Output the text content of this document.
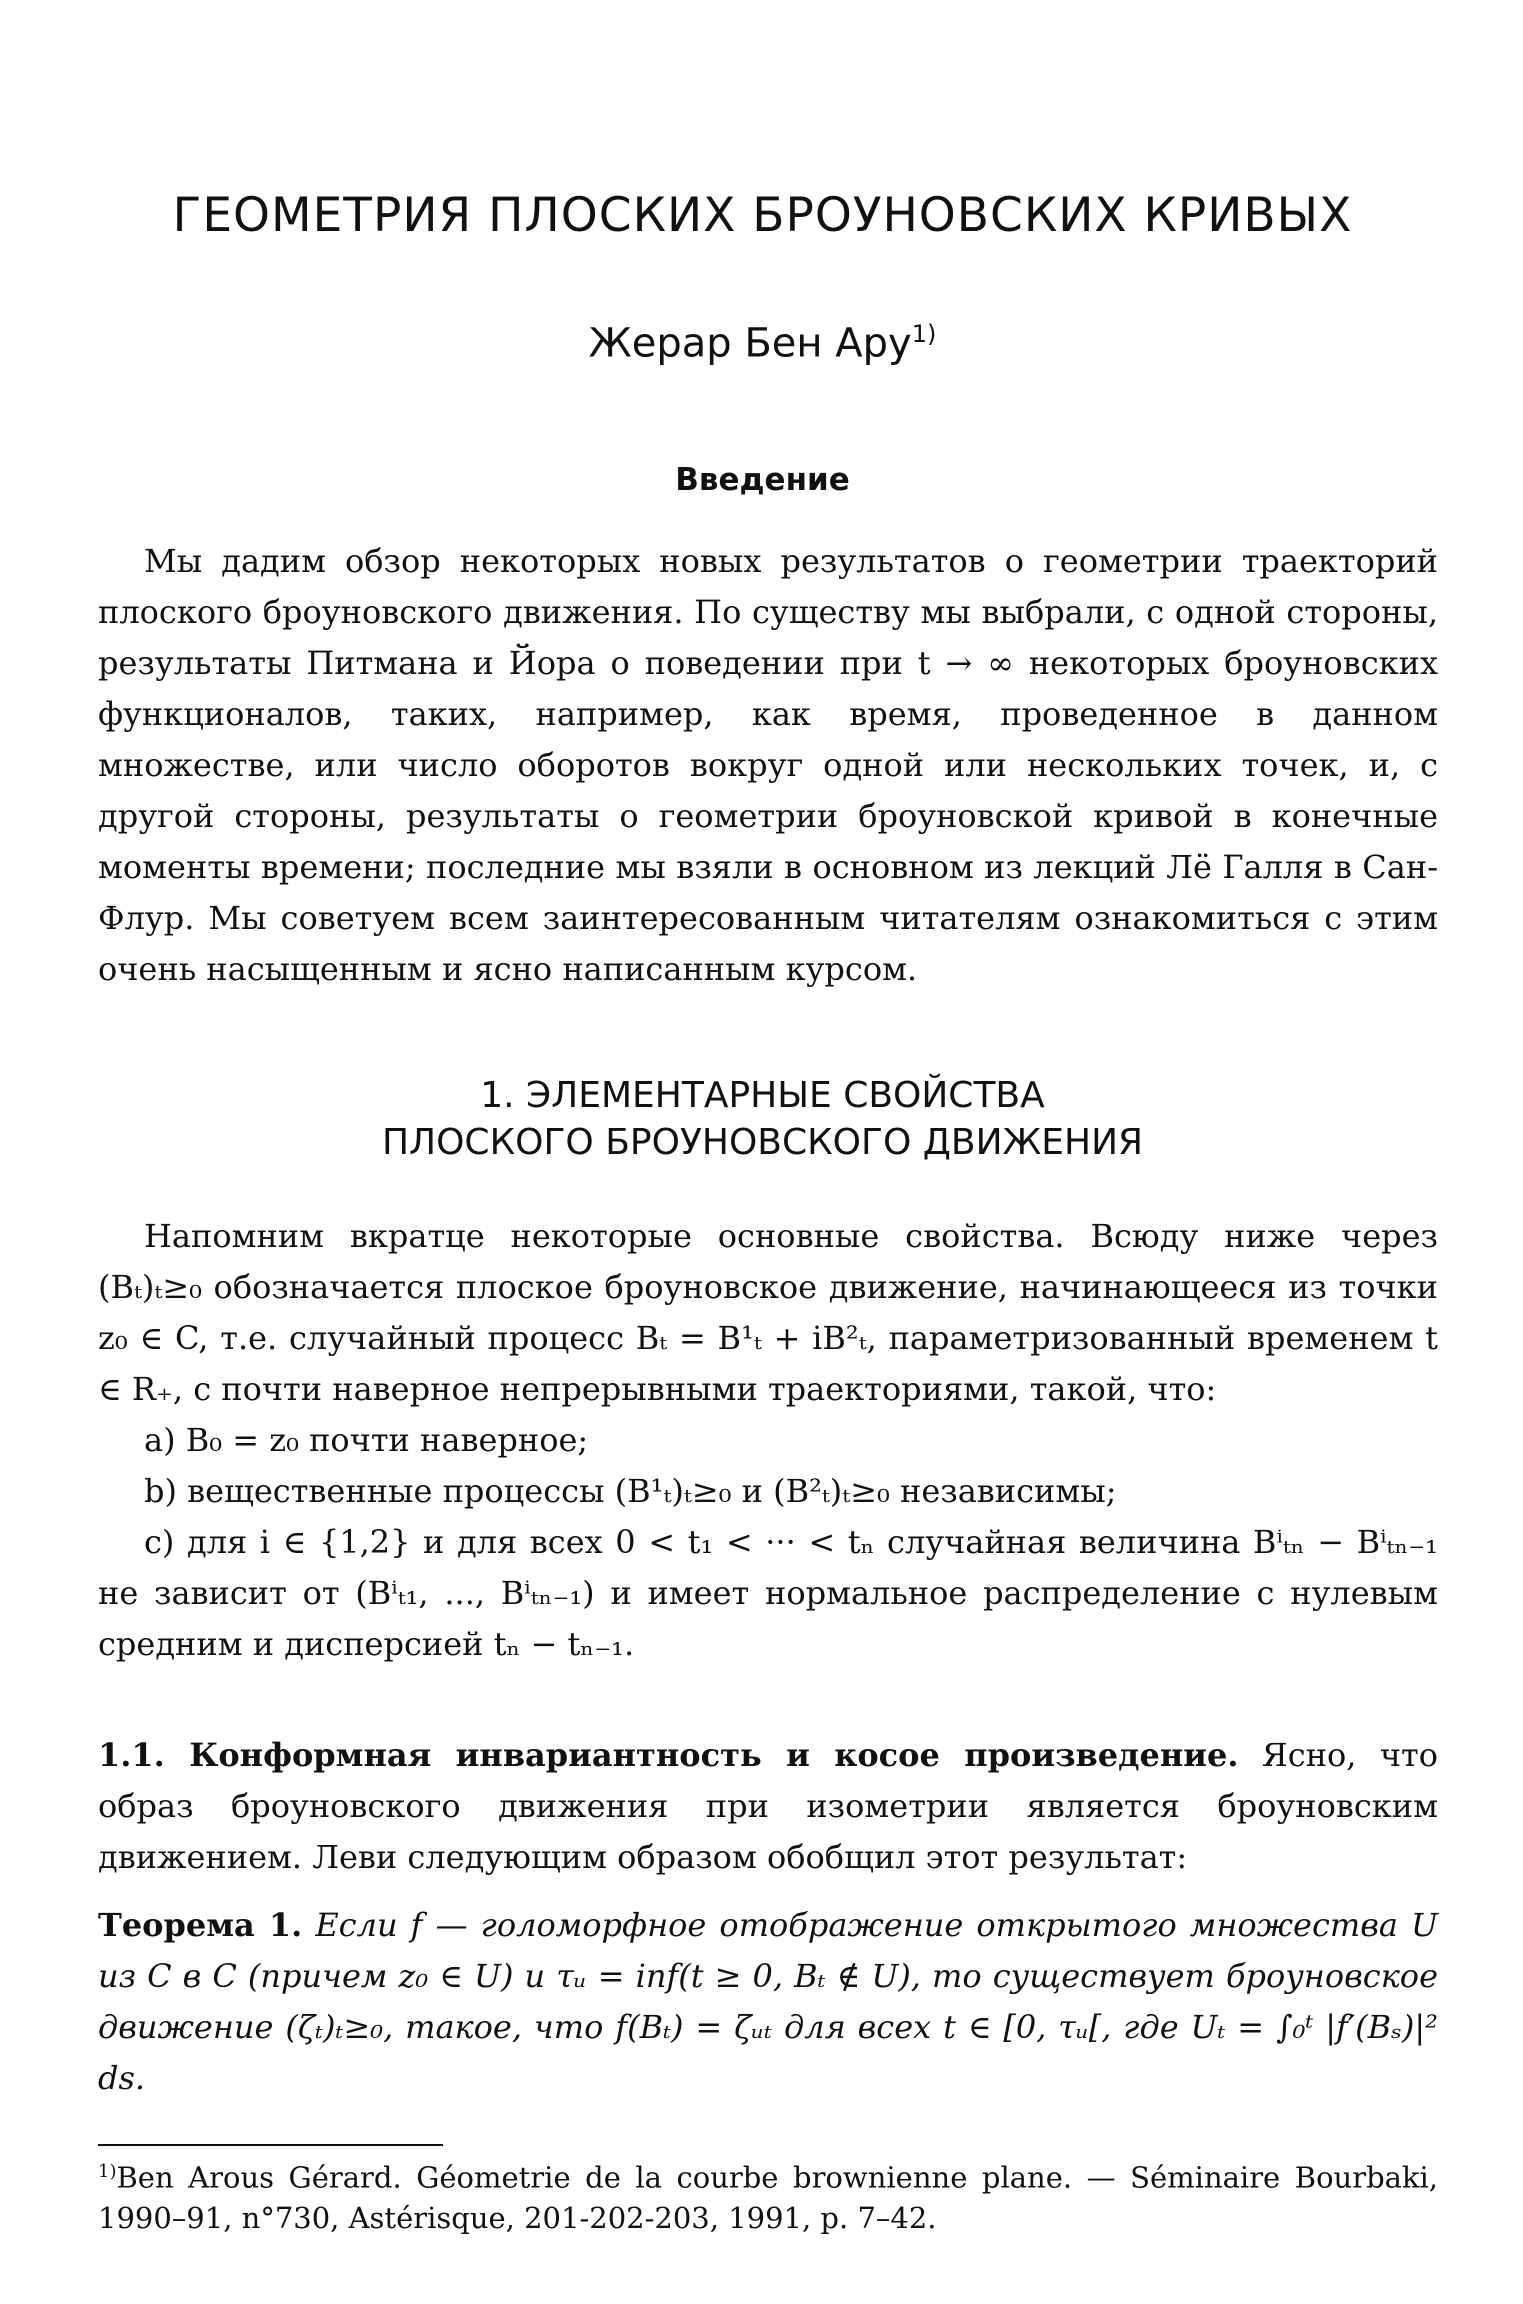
ГЕОМЕТРИЯ ПЛОСКИХ БРОУНОВСКИХ КРИВЫХ
Жерар Бен Ару$^{1)}$
Введение
Мы дадим обзор некоторых новых результатов о геометрии траекторий плоского броуновского движения. По существу мы выбрали, с одной стороны, результаты Питмана и Йора о поведении при t → ∞ некоторых броуновских функционалов, таких, например, как время, проведенное в данном множестве, или число оборотов вокруг одной или нескольких точек, и, с другой стороны, результаты о геометрии броуновской кривой в конечные моменты времени; последние мы взяли в основном из лекций Лё Галля в Сан-Флур. Мы советуем всем заинтересованным читателям ознакомиться с этим очень насыщенным и ясно написанным курсом.
1. ЭЛЕМЕНТАРНЫЕ СВОЙСТВА
ПЛОСКОГО БРОУНОВСКОГО ДВИЖЕНИЯ
Напомним вкратце некоторые основные свойства. Всюду ниже через (Bₜ)ₜ≥₀ обозначается плоское броуновское движение, начинающееся из точки z₀ ∈ C, т.е. случайный процесс Bₜ = B¹ₜ + iB²ₜ, параметризованный временем t ∈ R₊, с почти наверное непрерывными траекториями, такой, что:
a) B₀ = z₀ почти наверное;
b) вещественные процессы (B¹ₜ)ₜ≥₀ и (B²ₜ)ₜ≥₀ независимы;
c) для i ∈ {1,2} и для всех 0 < t₁ < ··· < tₙ случайная величина Bⁱₜₙ − Bⁱₜₙ₋₁ не зависит от (Bⁱₜ₁, ..., Bⁱₜₙ₋₁) и имеет нормальное распределение с нулевым средним и дисперсией tₙ − tₙ₋₁.
1.1. Конформная инвариантность и косое произведение. Ясно, что образ броуновского движения при изометрии является броуновским движением. Леви следующим образом обобщил этот результат:
Теорема 1. Если f — голоморфное отображение открытого множества U из C в C (причем z₀ ∈ U) и τᵤ = inf(t ≥ 0, Bₜ ∉ U), то существует броуновское движение (ζₜ)ₜ≥₀, такое, что f(Bₜ) = ζᵤₜ для всех t ∈ [0, τᵤ[, где Uₜ = ∫₀ᵗ |f′(Bₛ)|² ds.
$^{1)}$Ben Arous Gérard. Géometrie de la courbe brownienne plane. — Séminaire Bourbaki, 1990–91, n°730, Astérisque, 201-202-203, 1991, p. 7–42.
